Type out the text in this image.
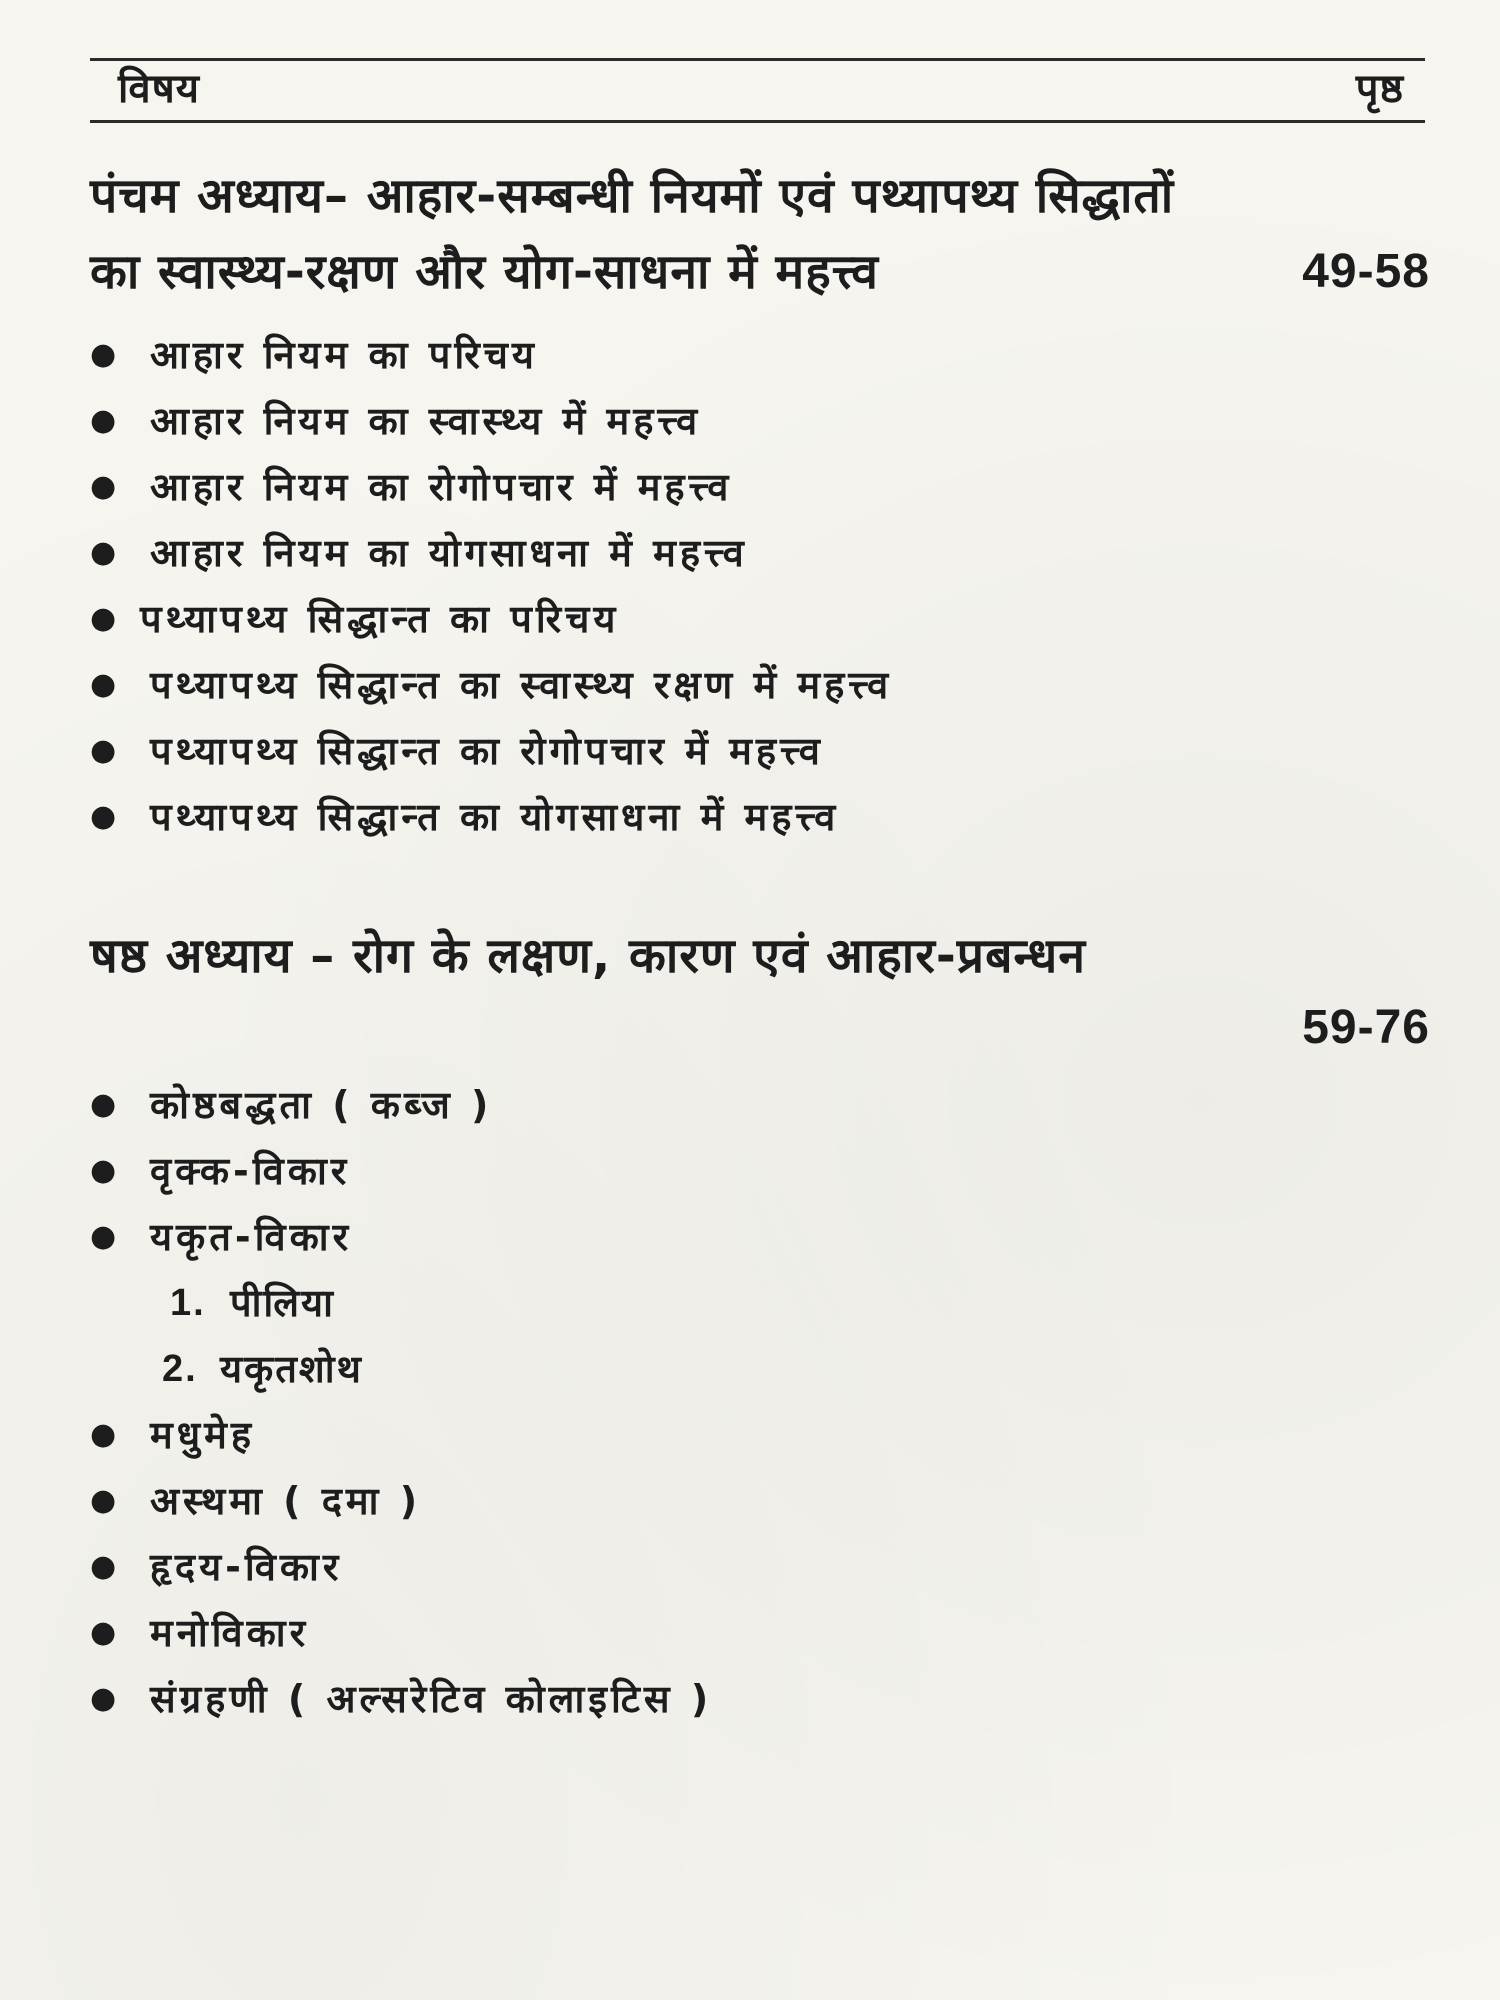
विषय	पृष्ठ
पंचम अध्याय– आहार-सम्बन्धी नियमों एवं पथ्यापथ्य सिद्धातों
का स्वास्थ्य-रक्षण और योग-साधना में महत्त्व	49-58
● आहार नियम का परिचय
● आहार नियम का स्वास्थ्य में महत्त्व
● आहार नियम का रोगोपचार में महत्त्व
● आहार नियम का योगसाधना में महत्त्व
● पथ्यापथ्य सिद्धान्त का परिचय
● पथ्यापथ्य सिद्धान्त का स्वास्थ्य रक्षण में महत्त्व
● पथ्यापथ्य सिद्धान्त का रोगोपचार में महत्त्व
● पथ्यापथ्य सिद्धान्त का योगसाधना में महत्त्व
षष्ठ अध्याय – रोग के लक्षण, कारण एवं आहार-प्रबन्धन
59-76
● कोष्ठबद्धता ( कब्ज )
● वृक्क-विकार
● यकृत-विकार
1. पीलिया
2. यकृतशोथ
● मधुमेह
● अस्थमा ( दमा )
● हृदय-विकार
● मनोविकार
● संग्रहणी ( अल्सरेटिव कोलाइटिस )
